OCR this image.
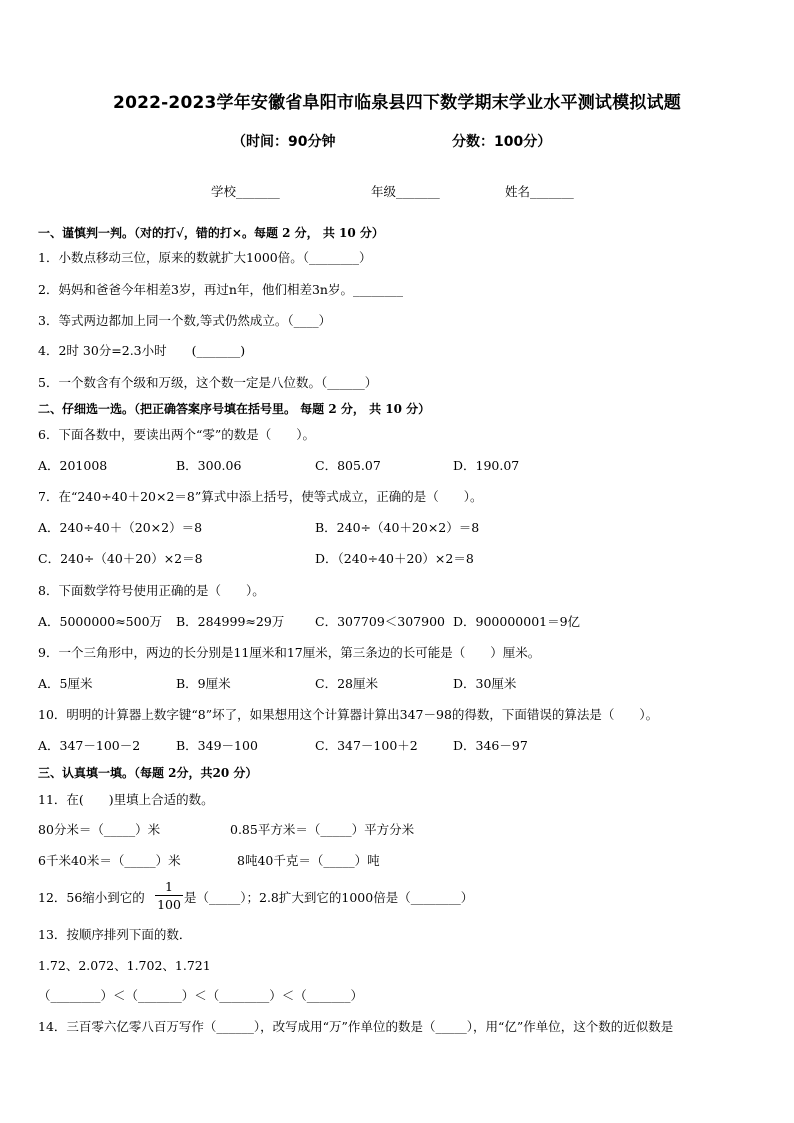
2022-2023学年安徽省阜阳市临泉县四下数学期末学业水平测试模拟试题
（时间：90分钟	分数：100分）
学校_______	年级_______	姓名_______
一、谨慎判一判。（对的打√，错的打×。每题 2 分， 共 10 分）
1．小数点移动三位，原来的数就扩大1000倍。（________）
2．妈妈和爸爸今年相差3岁，再过n年，他们相差3n岁。________
3．等式两边都加上同一个数,等式仍然成立。（____）
4．2时 30分=2.3小时　　(_______)
5．一个数含有个级和万级，这个数一定是八位数。（______）
二、仔细选一选。（把正确答案序号填在括号里。 每题 2 分， 共 10 分）
6．下面各数中，要读出两个“零”的数是（　　）。
A．201008	B．300.06	C．805.07	D．190.07
7．在“240÷40＋20×2＝8”算式中添上括号，使等式成立，正确的是（　　）。
A．240÷40＋（20×2）＝8	B．240÷（40＋20×2）＝8
C．240÷（40＋20）×2＝8	D．（240÷40＋20）×2＝8
8．下面数学符号使用正确的是（　　）。
A．5000000≈500万 B．284999≈29万 C．307709＜307900 D．900000001＝9亿
9．一个三角形中，两边的长分别是11厘米和17厘米，第三条边的长可能是（　　）厘米。
A．5厘米	B．9厘米	C．28厘米	D．30厘米
10．明明的计算器上数字键“8”坏了，如果想用这个计算器计算出347－98的得数，下面错误的算法是（　　）。
A．347－100－2	B．349－100	C．347－100＋2	D．346－97
三、认真填一填。（每题 2分，共20 分）
11．在(　　)里填上合适的数。
80分米＝（_____）米	0.85平方米＝（_____）平方分米
6千米40米＝（_____）米	8吨40千克＝（_____）吨
12．56缩小到它的
1
100 是（_____）；2.8扩大到它的1000倍是（________）
13．按顺序排列下面的数．
1.72、2.072、1.702、1.721
（________）＜（_______）＜（________）＜（_______）
14．三百零六亿零八百万写作（______），改写成用“万”作单位的数是（_____），用“亿”作单位，这个数的近似数是
